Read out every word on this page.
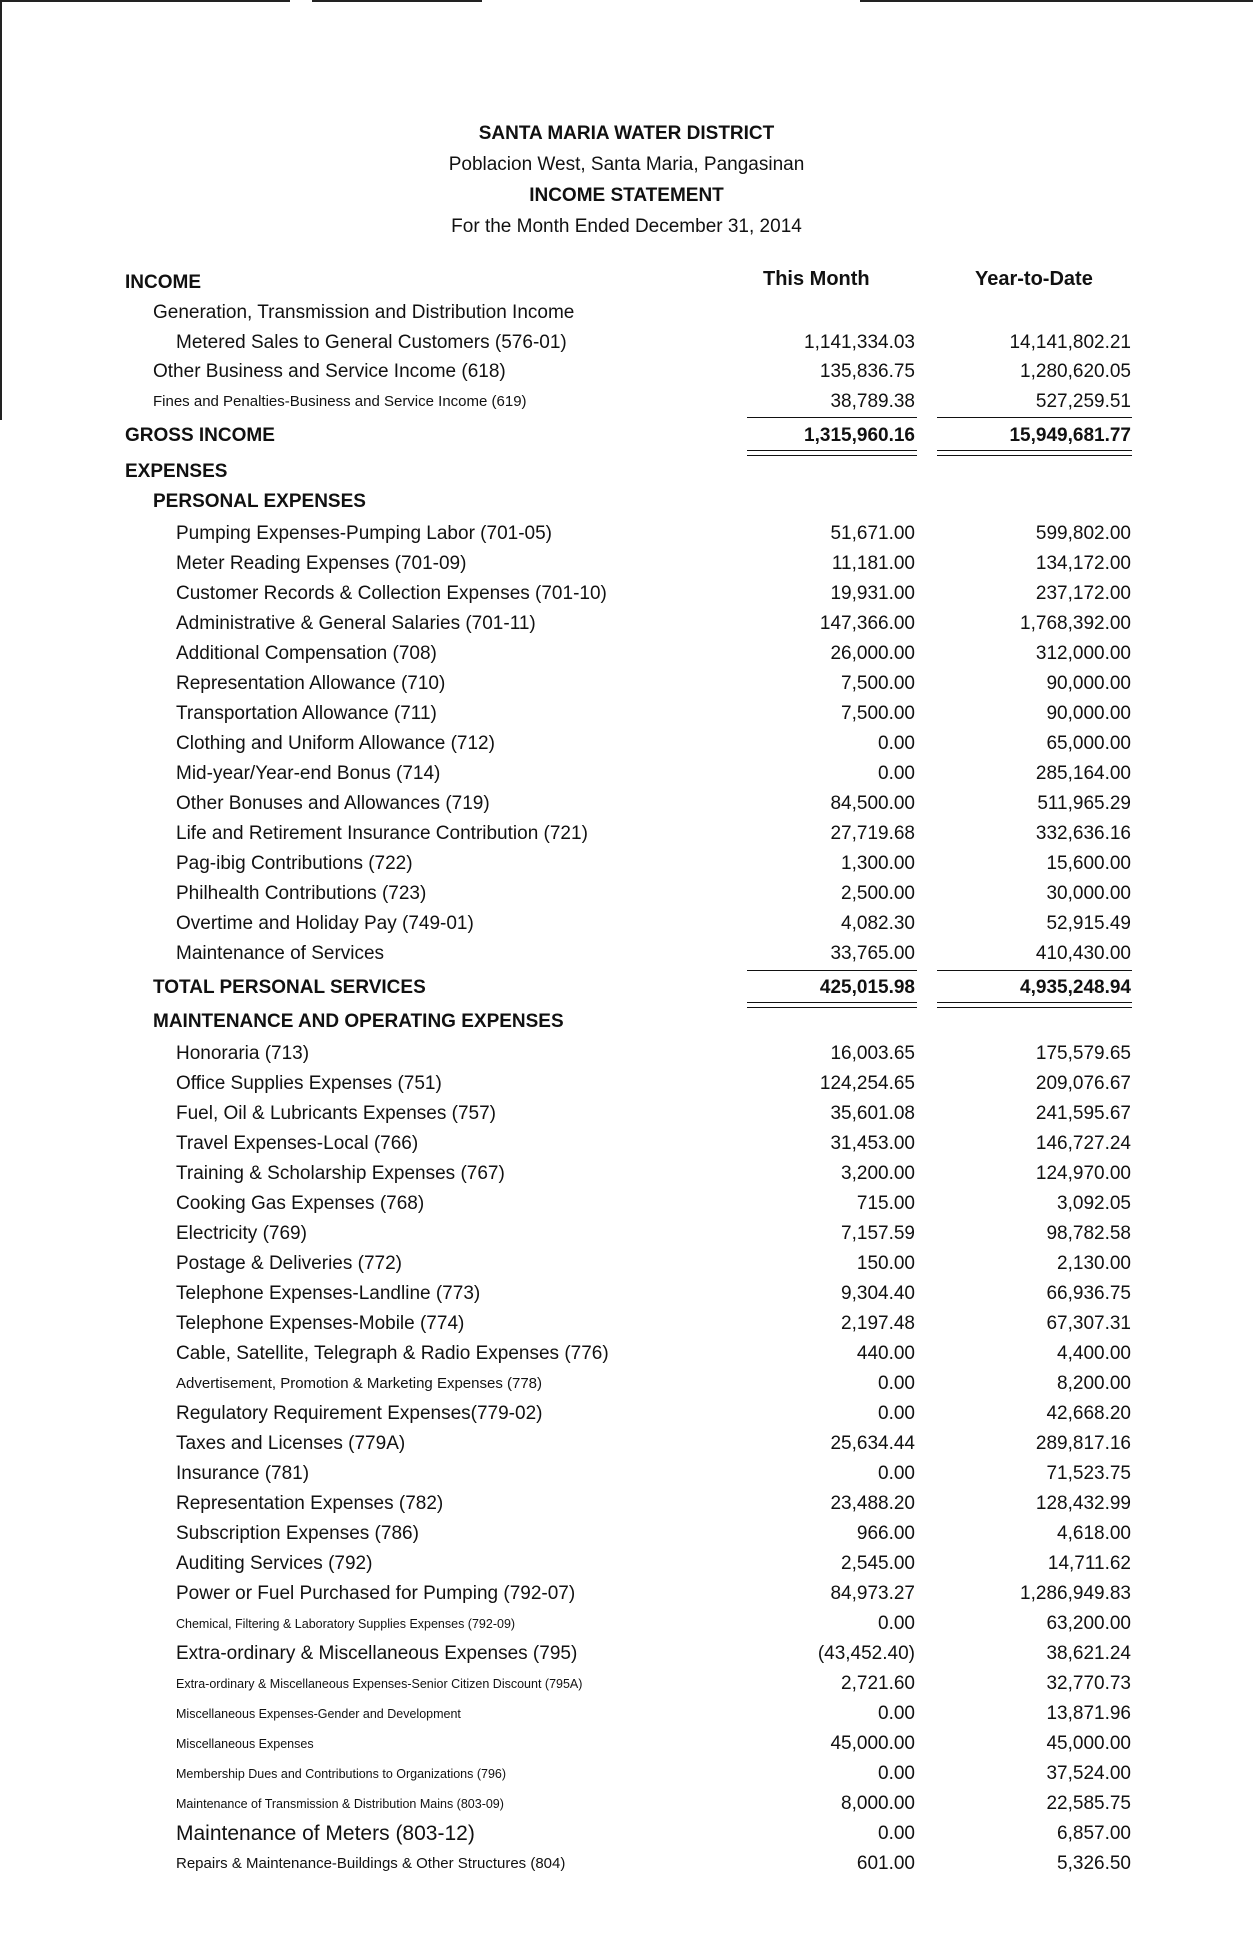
SANTA MARIA WATER DISTRICT
Poblacion West, Santa Maria, Pangasinan
INCOME STATEMENT
For the Month Ended December 31, 2014
This Month	Year-to-Date
INCOME
Generation, Transmission and Distribution Income
Metered Sales to General Customers (576-01)	1,141,334.03	14,141,802.21
Other Business and Service Income (618)	135,836.75	1,280,620.05
Fines and Penalties-Business and Service Income (619)	38,789.38	527,259.51
GROSS INCOME	1,315,960.16	15,949,681.77
EXPENSES
PERSONAL EXPENSES
Pumping Expenses-Pumping Labor (701-05)	51,671.00	599,802.00
Meter Reading Expenses (701-09)	11,181.00	134,172.00
Customer Records & Collection Expenses (701-10)	19,931.00	237,172.00
Administrative & General Salaries (701-11)	147,366.00	1,768,392.00
Additional Compensation (708)	26,000.00	312,000.00
Representation Allowance (710)	7,500.00	90,000.00
Transportation Allowance (711)	7,500.00	90,000.00
Clothing and Uniform Allowance (712)	0.00	65,000.00
Mid-year/Year-end Bonus (714)	0.00	285,164.00
Other Bonuses and Allowances (719)	84,500.00	511,965.29
Life and Retirement Insurance Contribution (721)	27,719.68	332,636.16
Pag-ibig Contributions (722)	1,300.00	15,600.00
Philhealth Contributions (723)	2,500.00	30,000.00
Overtime and Holiday Pay (749-01)	4,082.30	52,915.49
Maintenance of Services	33,765.00	410,430.00
TOTAL PERSONAL SERVICES	425,015.98	4,935,248.94
MAINTENANCE AND OPERATING EXPENSES
Honoraria (713)	16,003.65	175,579.65
Office Supplies Expenses (751)	124,254.65	209,076.67
Fuel, Oil & Lubricants Expenses (757)	35,601.08	241,595.67
Travel Expenses-Local (766)	31,453.00	146,727.24
Training & Scholarship Expenses (767)	3,200.00	124,970.00
Cooking Gas Expenses (768)	715.00	3,092.05
Electricity (769)	7,157.59	98,782.58
Postage & Deliveries (772)	150.00	2,130.00
Telephone Expenses-Landline (773)	9,304.40	66,936.75
Telephone Expenses-Mobile (774)	2,197.48	67,307.31
Cable, Satellite, Telegraph & Radio Expenses (776)	440.00	4,400.00
Advertisement, Promotion & Marketing Expenses (778)	0.00	8,200.00
Regulatory Requirement Expenses(779-02)	0.00	42,668.20
Taxes and Licenses (779A)	25,634.44	289,817.16
Insurance (781)	0.00	71,523.75
Representation Expenses (782)	23,488.20	128,432.99
Subscription Expenses (786)	966.00	4,618.00
Auditing Services (792)	2,545.00	14,711.62
Power or Fuel Purchased for Pumping (792-07)	84,973.27	1,286,949.83
Chemical, Filtering & Laboratory Supplies Expenses (792-09)	0.00	63,200.00
Extra-ordinary & Miscellaneous Expenses (795)	(43,452.40)	38,621.24
Extra-ordinary & Miscellaneous Expenses-Senior Citizen Discount (795A)	2,721.60	32,770.73
Miscellaneous Expenses-Gender and Development	0.00	13,871.96
Miscellaneous Expenses	45,000.00	45,000.00
Membership Dues and Contributions to Organizations (796)	0.00	37,524.00
Maintenance of Transmission & Distribution Mains (803-09)	8,000.00	22,585.75
Maintenance of Meters (803-12)	0.00	6,857.00
Repairs & Maintenance-Buildings & Other Structures (804)	601.00	5,326.50
